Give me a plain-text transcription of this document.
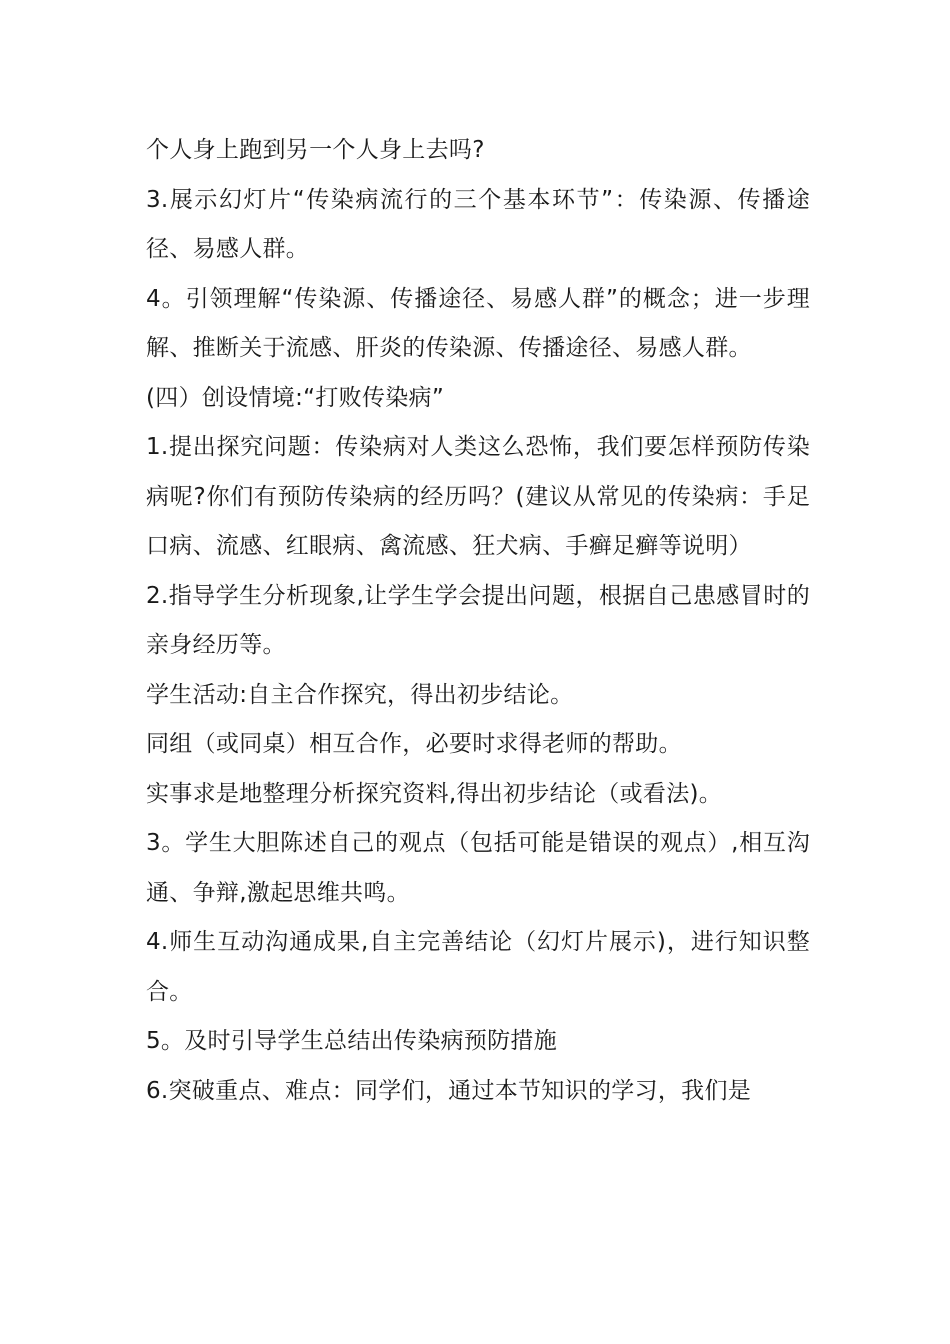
个人身上跑到另一个人身上去吗?

3.展示幻灯片“传染病流行的三个基本环节”：传染源、传播途径、易感人群。

4。引领理解“传染源、传播途径、易感人群”的概念；进一步理解、推断关于流感、肝炎的传染源、传播途径、易感人群。

(四）创设情境:“打败传染病”

1.提出探究问题：传染病对人类这么恐怖，我们要怎样预防传染病呢?你们有预防传染病的经历吗？(建议从常见的传染病：手足口病、流感、红眼病、禽流感、狂犬病、手癣足癣等说明）

2.指导学生分析现象,让学生学会提出问题，根据自己患感冒时的亲身经历等。

学生活动:自主合作探究，得出初步结论。

同组（或同桌）相互合作，必要时求得老师的帮助。

实事求是地整理分析探究资料,得出初步结论（或看法)。

3。学生大胆陈述自己的观点（包括可能是错误的观点）,相互沟通、争辩,激起思维共鸣。

4.师生互动沟通成果,自主完善结论（幻灯片展示)，进行知识整合。

5。及时引导学生总结出传染病预防措施

6.突破重点、难点：同学们，通过本节知识的学习，我们是
